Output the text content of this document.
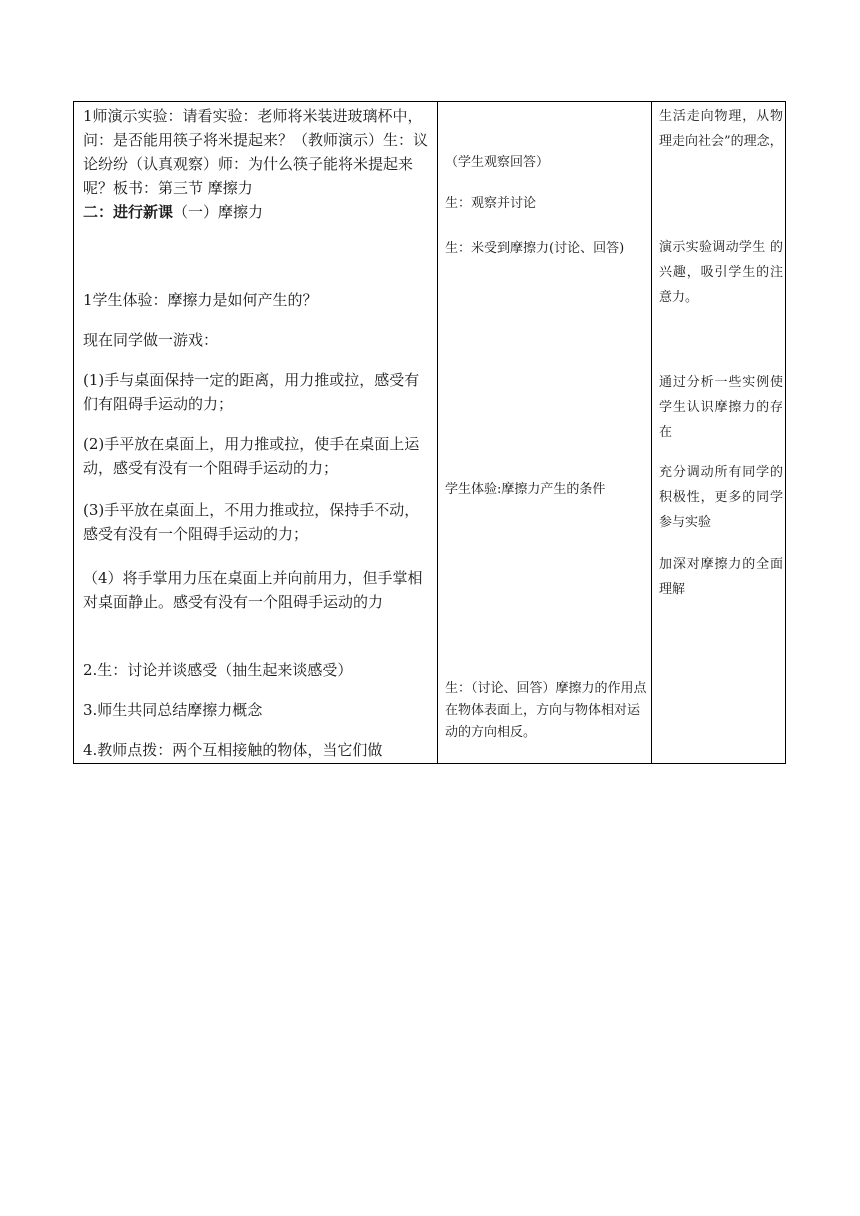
1师演示实验：请看实验：老师将米装进玻璃杯中，问：是否能用筷子将米提起来？（教师演示）生：议论纷纷（认真观察）师：为什么筷子能将米提起来呢？板书：第三节 摩擦力

二：进行新课（一）摩擦力

1学生体验：摩擦力是如何产生的？

现在同学做一游戏：

(1)手与桌面保持一定的距离，用力推或拉，感受有们有阻碍手运动的力；

(2)手平放在桌面上，用力推或拉，使手在桌面上运动，感受有没有一个阻碍手运动的力；

(3)手平放在桌面上，不用力推或拉，保持手不动，感受有没有一个阻碍手运动的力；

（4）将手掌用力压在桌面上并向前用力，但手掌相对桌面静止。感受有没有一个阻碍手运动的力

2.生：讨论并谈感受（抽生起来谈感受）

3.师生共同总结摩擦力概念

4.教师点拨：两个互相接触的物体，当它们做

（学生观察回答）

生：观察并讨论

生：米受到摩擦力(讨论、回答)

学生体验:摩擦力产生的条件

生：（讨论、回答）摩擦力的作用点在物体表面上，方向与物体相对运动的方向相反。

生活走向物理，从物理走向社会”的理念，

演示实验调动学生 的兴趣，吸引学生的注意力。

通过分析一些实例使学生认识摩擦力的存在

充分调动所有同学的积极性，更多的同学参与实验

加深对摩擦力的全面理解
